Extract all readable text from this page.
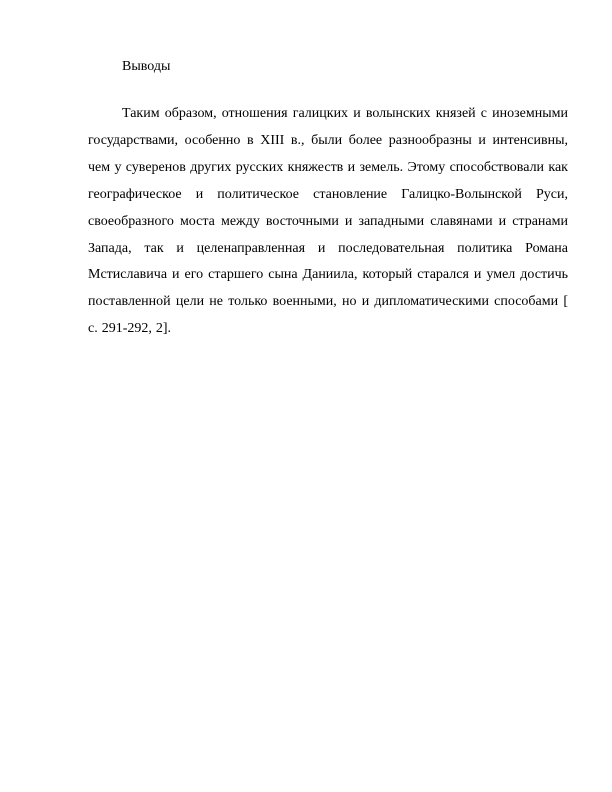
Выводы

Таким образом, отношения галицких и волынских князей с иноземными государствами, особенно в XIII в., были более разнообразны и интенсивны, чем у суверенов других русских княжеств и земель. Этому способствовали как географическое и политическое становление Галицко-Волынской Руси, своеобразного моста между восточными и западными славянами и странами Запада, так и целенаправленная и последовательная политика Романа Мстиславича и его старшего сына Даниила, который старался и умел достичь поставленной цели не только военными, но и дипломатическими способами [ с. 291-292, 2].
